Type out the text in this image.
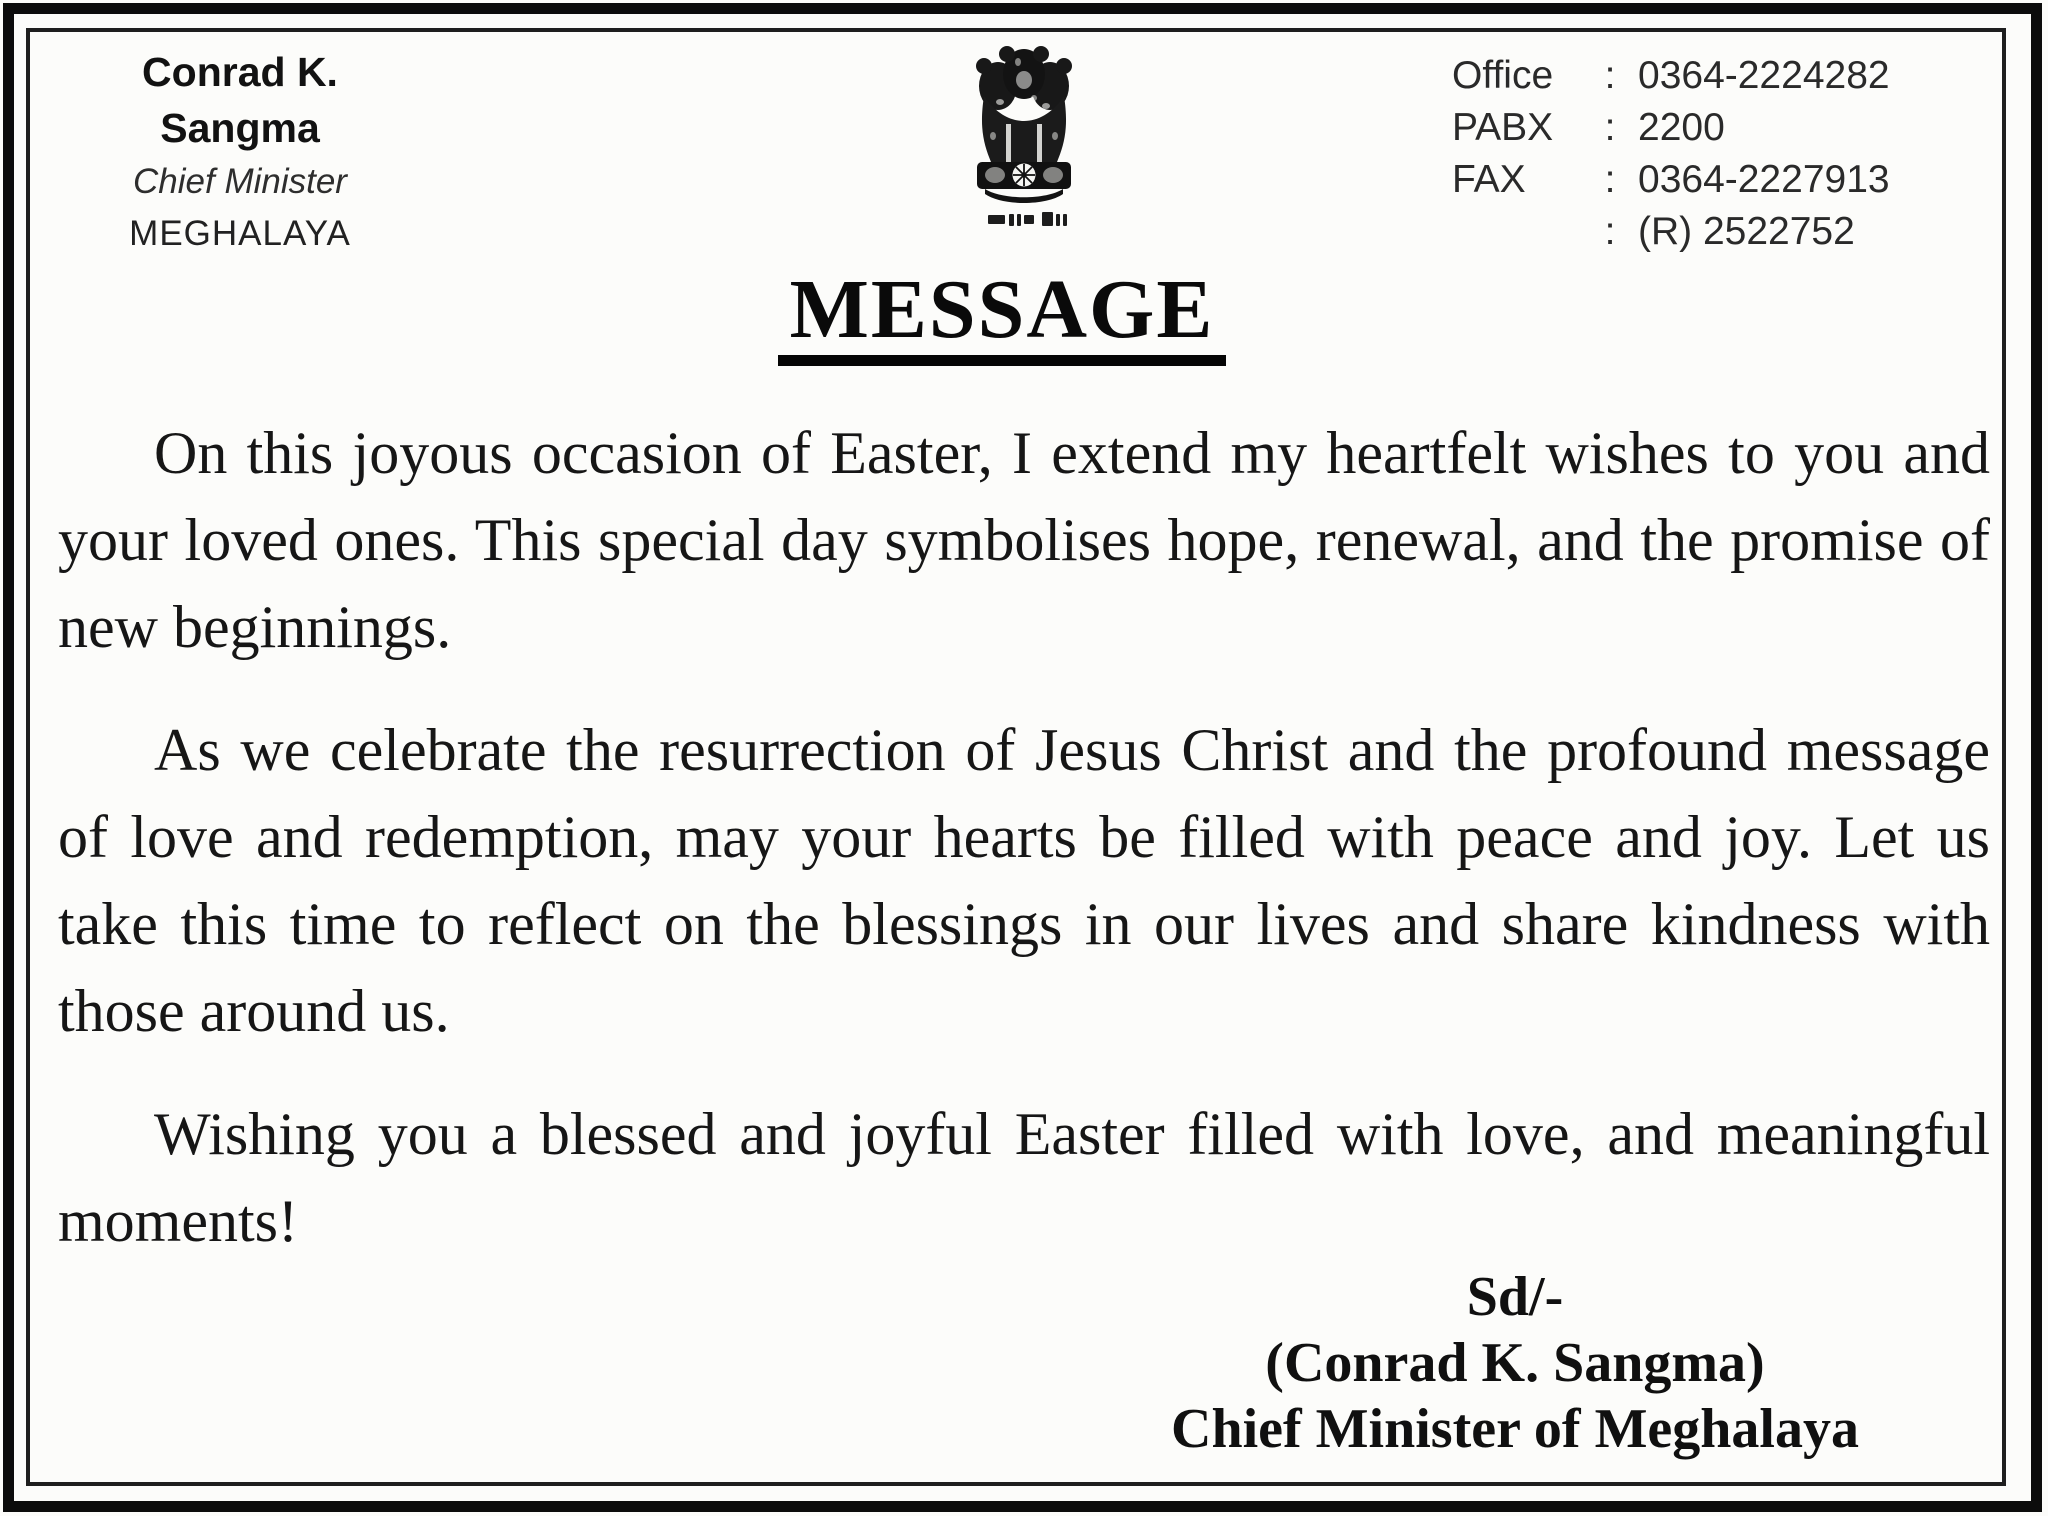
Conrad K. Sangma
Chief Minister
MEGHALAYA
Office	: 0364-2224282
PABX	: 2200
FAX	: 0364-2227913
: (R) 2522752
MESSAGE

On this joyous occasion of Easter, I extend my heartfelt wishes to you and your loved ones. This special day symbolises hope, renewal, and the promise of new beginnings.

As we celebrate the resurrection of Jesus Christ and the profound message of love and redemption, may your hearts be filled with peace and joy. Let us take this time to reflect on the blessings in our lives and share kindness with those around us.

Wishing you a blessed and joyful Easter filled with love, and meaningful moments!

Sd/-
(Conrad K. Sangma)
Chief Minister of Meghalaya
